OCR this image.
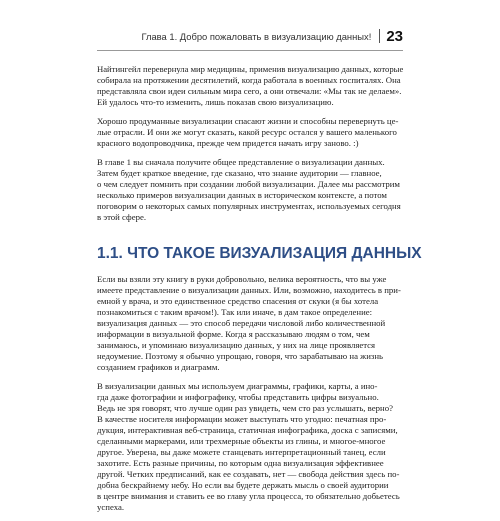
Глава 1. Добро пожаловать в визуализацию данных! 23
Найтингейл перевернула мир медицины, применив визуализацию данных, которые
собирала на протяжении десятилетий, когда работала в военных госпиталях. Она
представляла свои идеи сильным мира сего, а они отвечали: «Мы так не делаем».
Ей удалось что-то изменить, лишь показав свою визуализацию.
Хорошо продуманные визуализации спасают жизни и способны перевернуть це-
лые отрасли. И они же могут сказать, какой ресурс остался у вашего маленького
красного водопроводчика, прежде чем придется начать игру заново. :)
В главе 1 вы сначала получите общее представление о визуализации данных.
Затем будет краткое введение, где сказано, что знание аудитории — главное,
о чем следует помнить при создании любой визуализации. Далее мы рассмотрим
несколько примеров визуализации данных в историческом контексте, а потом
поговорим о некоторых самых популярных инструментах, используемых сегодня
в этой сфере.
1.1. ЧТО ТАКОЕ ВИЗУАЛИЗАЦИЯ ДАННЫХ
Если вы взяли эту книгу в руки добровольно, велика вероятность, что вы уже
имеете представление о визуализации данных. Или, возможно, находитесь в при-
емной у врача, и это единственное средство спасения от скуки (я бы хотела
познакомиться с таким врачом!). Так или иначе, в дам такое определение:
визуализация данных — это способ передачи числовой либо количественной
информации в визуальной форме. Когда я рассказываю людям о том, чем
занимаюсь, и упоминаю визуализацию данных, у них на лице проявляется
недоумение. Поэтому я обычно упрощаю, говоря, что зарабатываю на жизнь
созданием графиков и диаграмм.
В визуализации данных мы используем диаграммы, графики, карты, а ино-
гда даже фотографии и инфографику, чтобы представить цифры визуально.
Ведь не зря говорят, что лучше один раз увидеть, чем сто раз услышать, верно?
В качестве носителя информации может выступать что угодно: печатная про-
дукция, интерактивная веб-страница, статичная инфографика, доска с записями,
сделанными маркерами, или трехмерные объекты из глины, и многое-многое
другое. Уверена, вы даже можете станцевать интерпретационный танец, если
захотите. Есть разные причины, по которым одна визуализация эффективнее
другой. Четких предписаний, как ее создавать, нет — свобода действия здесь по-
добна бескрайнему небу. Но если вы будете держать мысль о своей аудитории
в центре внимания и ставить ее во главу угла процесса, то обязательно добьетесь
успеха.
